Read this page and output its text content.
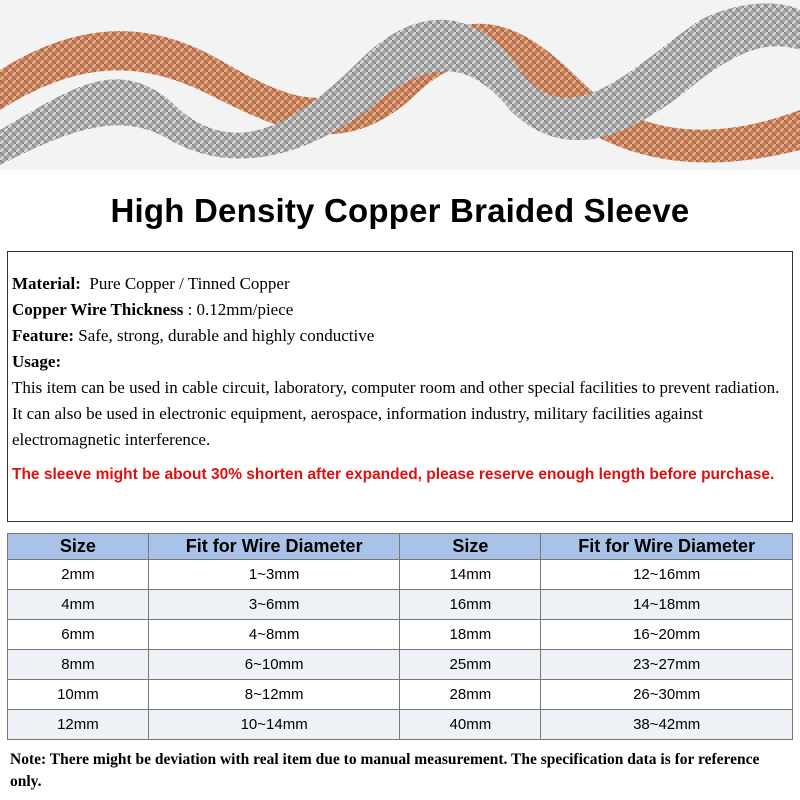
High Density Copper Braided Sleeve
Material: Pure Copper / Tinned Copper
Copper Wire Thickness : 0.12mm/piece
Feature: Safe, strong, durable and highly conductive
Usage:
This item can be used in cable circuit, laboratory, computer room and other special facilities to prevent radiation. It can also be used in electronic equipment, aerospace, information industry, military facilities against electromagnetic interference.
The sleeve might be about 30% shorten after expanded, please reserve enough length before purchase.
Size	Fit for Wire Diameter	Size	Fit for Wire Diameter
2mm	1~3mm	14mm	12~16mm
4mm	3~6mm	16mm	14~18mm
6mm	4~8mm	18mm	16~20mm
8mm	6~10mm	25mm	23~27mm
10mm	8~12mm	28mm	26~30mm
12mm	10~14mm	40mm	38~42mm
Note: There might be deviation with real item due to manual measurement. The specification data is for reference only.
